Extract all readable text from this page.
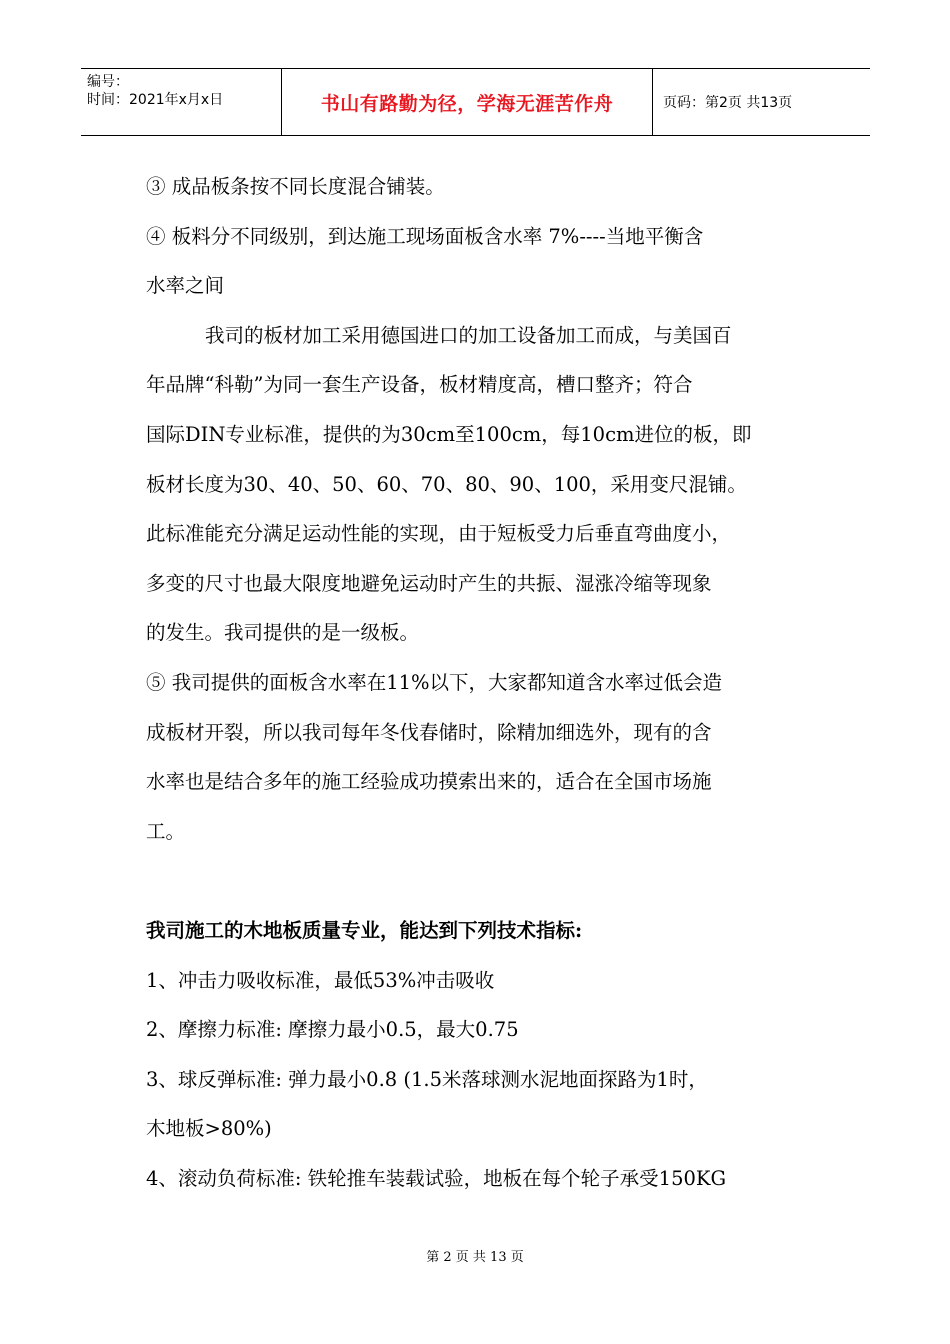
编号：
时间：2021年x月x日	书山有路勤为径，学海无涯苦作舟	页码：第2页 共13页

③ 成品板条按不同长度混合铺装。

④ 板料分不同级别，到达施工现场面板含水率 7%----当地平衡含

水率之间

我司的板材加工采用德国进口的加工设备加工而成，与美国百

年品牌“科勒”为同一套生产设备，板材精度高，槽口整齐；符合

国际DIN专业标准，提供的为30cm至100cm，每10cm进位的板，即

板材长度为30、40、50、60、70、80、90、100，采用变尺混铺。

此标准能充分满足运动性能的实现，由于短板受力后垂直弯曲度小，

多变的尺寸也最大限度地避免运动时产生的共振、湿涨冷缩等现象

的发生。我司提供的是一级板。

⑤ 我司提供的面板含水率在11%以下，大家都知道含水率过低会造

成板材开裂，所以我司每年冬伐春储时，除精加细选外，现有的含

水率也是结合多年的施工经验成功摸索出来的，适合在全国市场施

工。

我司施工的木地板质量专业，能达到下列技术指标:

1、冲击力吸收标准，最低53%冲击吸收

2、摩擦力标准: 摩擦力最小0.5，最大0.75

3、球反弹标准: 弹力最小0.8 (1.5米落球测水泥地面探路为1时，

木地板>80%)

4、滚动负荷标准: 铁轮推车装载试验，地板在每个轮子承受150KG

第 2 页 共 13 页
